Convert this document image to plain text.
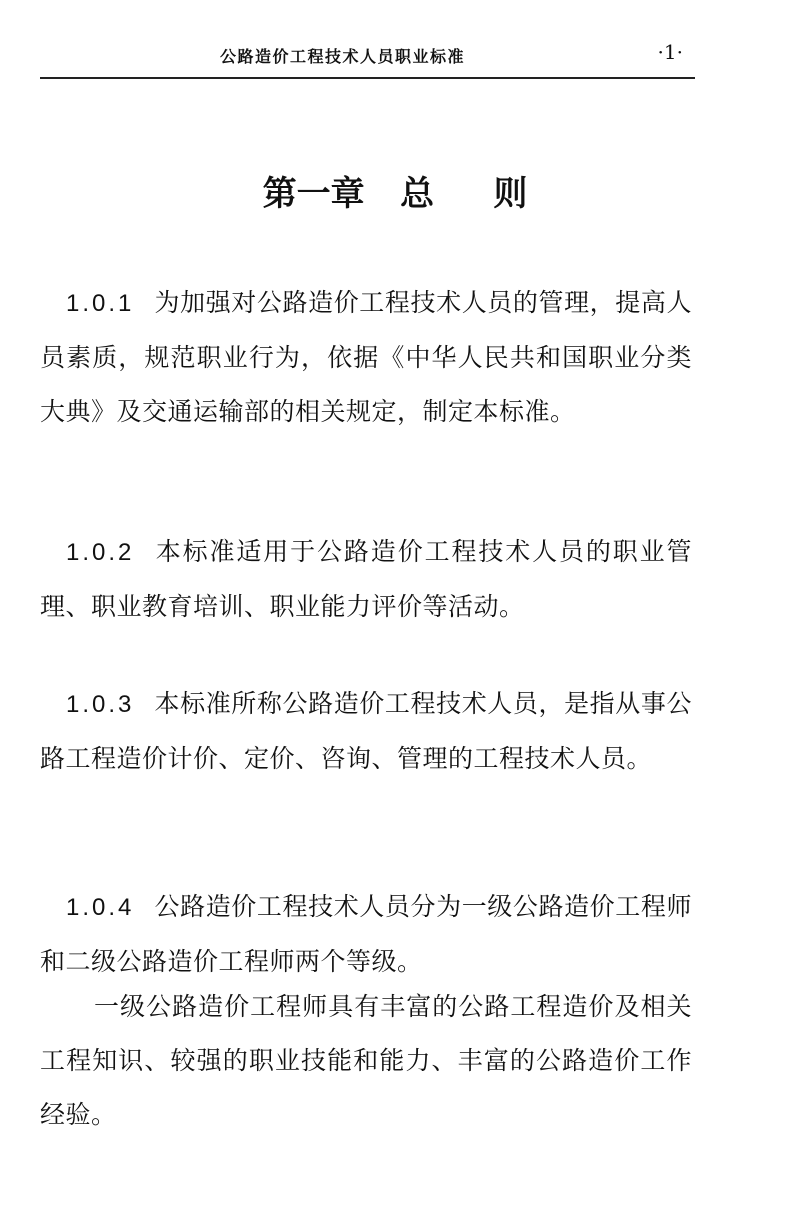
公路造价工程技术人员职业标准	·1·
第一章   总     则
1.0.1 为加强对公路造价工程技术人员的管理，提高人员素质，规范职业行为，依据《中华人民共和国职业分类大典》及交通运输部的相关规定，制定本标准。
1.0.2 本标准适用于公路造价工程技术人员的职业管理、职业教育培训、职业能力评价等活动。
1.0.3 本标准所称公路造价工程技术人员，是指从事公路工程造价计价、定价、咨询、管理的工程技术人员。
1.0.4 公路造价工程技术人员分为一级公路造价工程师和二级公路造价工程师两个等级。
一级公路造价工程师具有丰富的公路工程造价及相关工程知识、较强的职业技能和能力、丰富的公路造价工作经验。
